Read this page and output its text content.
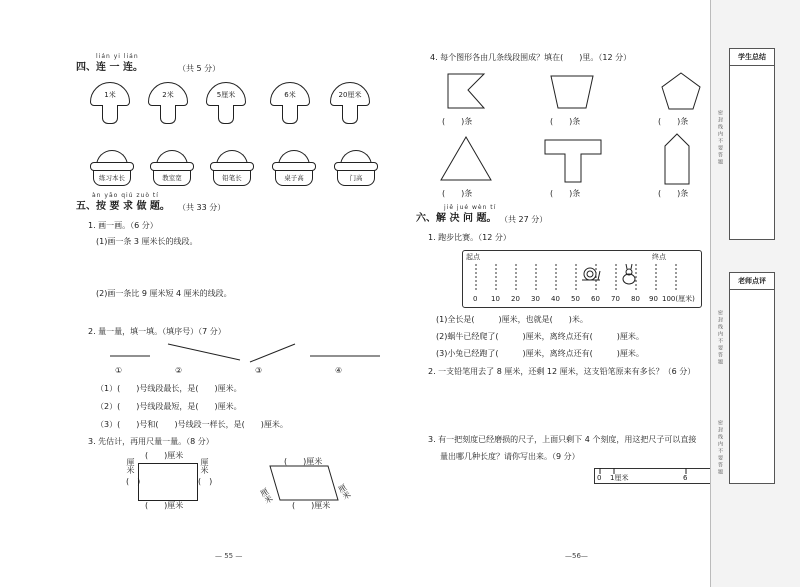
lián yi lián
四、连 一 连。	（共 5 分）
1米	2米	5厘米	6米	20厘米
练习本长	教室宽	铅笔长	桌子高	门高
àn yāo qiú zuò tí
五、按 要 求 做 题。 （共 33 分）
1. 画一画。（6 分）
(1)画一条 3 厘米长的线段。
(2)画一条比 9 厘米短 4 厘米的线段。
2. 量一量，填一填。（填序号）（7 分）
①	②	③	④
（1）(　　)号线段最长，是(　　)厘米。
（2）(　　)号线段最短，是(　　)厘米。
（3）(　　)号和(　　)号线段一样长，是(　　)厘米。
3. 先估计，再用尺量一量。（8 分）
(　　)厘米
(　　)厘米
厘米	厘米
(　)	(　)
(　　)厘米
(　　)厘米
厘米	厘米
— 55 —
4. 每个图形各由几条线段围成？填在(　　)里。（12 分）
(　　)条	(　　)条	(　　)条
(　　)条	(　　)条	(　　)条
jiě jué wèn tí
六、解 决 问 题。 （共 27 分）
1. 跑步比赛。（12 分）
起点	终点
0 10 20 30 40 50 60 70 80 90 100(厘米)
(1)全长是(　　　)厘米，也就是(　　)米。
(2)蜗牛已经爬了(　　　)厘米，离终点还有(　　　)厘米。
(3)小兔已经跑了(　　　)厘米，离终点还有(　　　)厘米。
2. 一支铅笔用去了 8 厘米，还剩 12 厘米，这支铅笔原来有多长？（6 分）
3. 有一把刻度已经磨损的尺子，上面只剩下 4 个刻度，用这把尺子可以直接
量出哪几种长度？请你写出来。（9 分）
0 1厘米	6
—56—
学生总结
老师点评
密封线内不要答题
密封线内不要答题
密封线内不要答题
